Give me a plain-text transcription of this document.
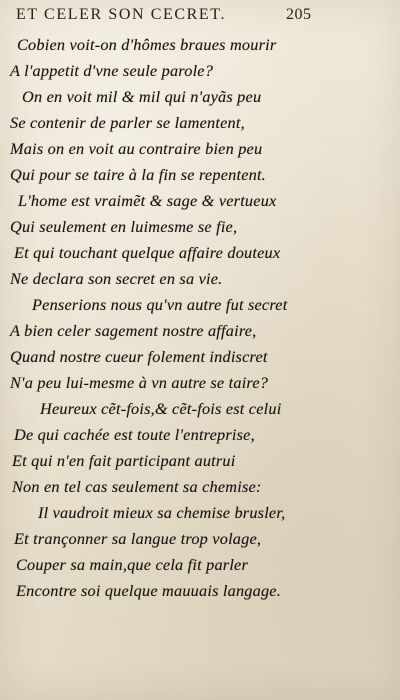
ET CELER SON CECRET.	205
Cobien voit-on d'hômes braues mourir
A l'appetit d'vne seule parole?
On en voit mil & mil qui n'ayãs peu
Se contenir de parler se lamentent,
Mais on en voit au contraire bien peu
Qui pour se taire à la fin se repentent.
L'home est vraimẽt & sage & vertueux
Qui seulement en luimesme se fie,
Et qui touchant quelque affaire douteux
Ne declara son secret en sa vie.
Penserions nous qu'vn autre fut secret
A bien celer sagement nostre affaire,
Quand nostre cueur folement indiscret
N'a peu lui-mesme à vn autre se taire?
Heureux cẽt-fois,& cẽt-fois est celui
De qui cachée est toute l'entreprise,
Et qui n'en fait participant autrui
Non en tel cas seulement sa chemise:
Il vaudroit mieux sa chemise brusler,
Et trançonner sa langue trop volage,
Couper sa main,que cela fit parler
Encontre soi quelque mauuais langage.
